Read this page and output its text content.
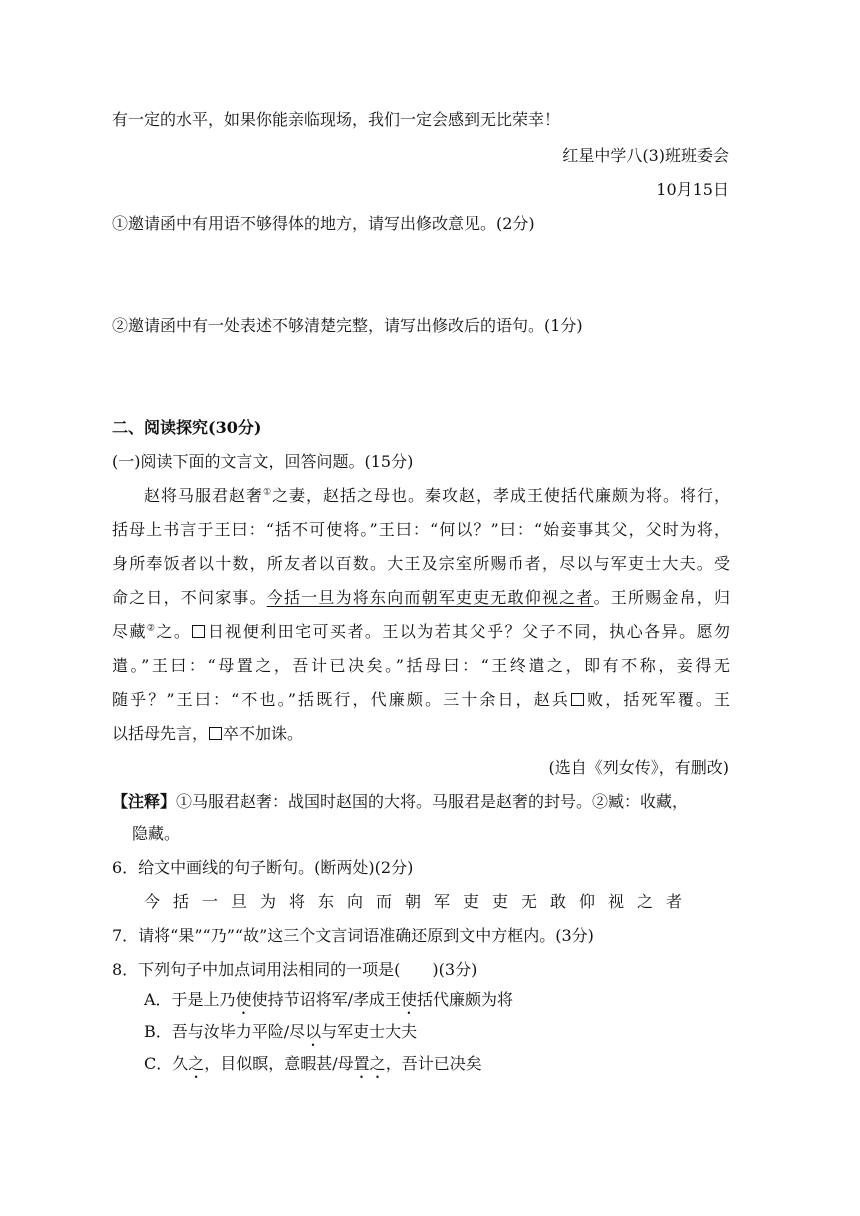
有一定的水平，如果你能亲临现场，我们一定会感到无比荣幸！
红星中学八(3)班班委会
10月15日
①邀请函中有用语不够得体的地方，请写出修改意见。(2分)
②邀请函中有一处表述不够清楚完整，请写出修改后的语句。(1分)
二、阅读探究(30分)
(一)阅读下面的文言文，回答问题。(15分)
赵将马服君赵奢①之妻，赵括之母也。秦攻赵，孝成王使括代廉颇为将。将行，
括母上书言于王曰：“括不可使将。”王曰：“何以？”曰：“始妾事其父，父时为将，
身所奉饭者以十数，所友者以百数。大王及宗室所赐币者，尽以与军吏士大夫。受
命之日，不问家事。今括一旦为将东向而朝军吏吏无敢仰视之者。王所赐金帛，归
尽藏②之。 日视便利田宅可买者。王以为若其父乎？父子不同，执心各异。愿勿
遣。”王曰：“母置之，吾计已决矣。”括母曰：“王终遣之，即有不称，妾得无
随乎？”王曰：“不也。”括既行，代廉颇。三十余日，赵兵 败，括死军覆。王
以括母先言， 卒不加诛。
(选自《列女传》，有删改)
【注释】①马服君赵奢：战国时赵国的大将。马服君是赵奢的封号。②臧：收藏，
隐藏。
6．给文中画线的句子断句。(断两处)(2分)
今括一旦为将东向而朝军吏吏无敢仰视之者
7．请将“果”“乃”“故”这三个文言词语准确还原到文中方框内。(3分)
8．下列句子中加点词用法相同的一项是(　　)(3分)
A．于是上乃使使持节诏将军/孝成王使括代廉颇为将
B．吾与汝毕力平险/尽以与军吏士大夫
C．久之，目似瞑，意暇甚/母置之，吾计已决矣
